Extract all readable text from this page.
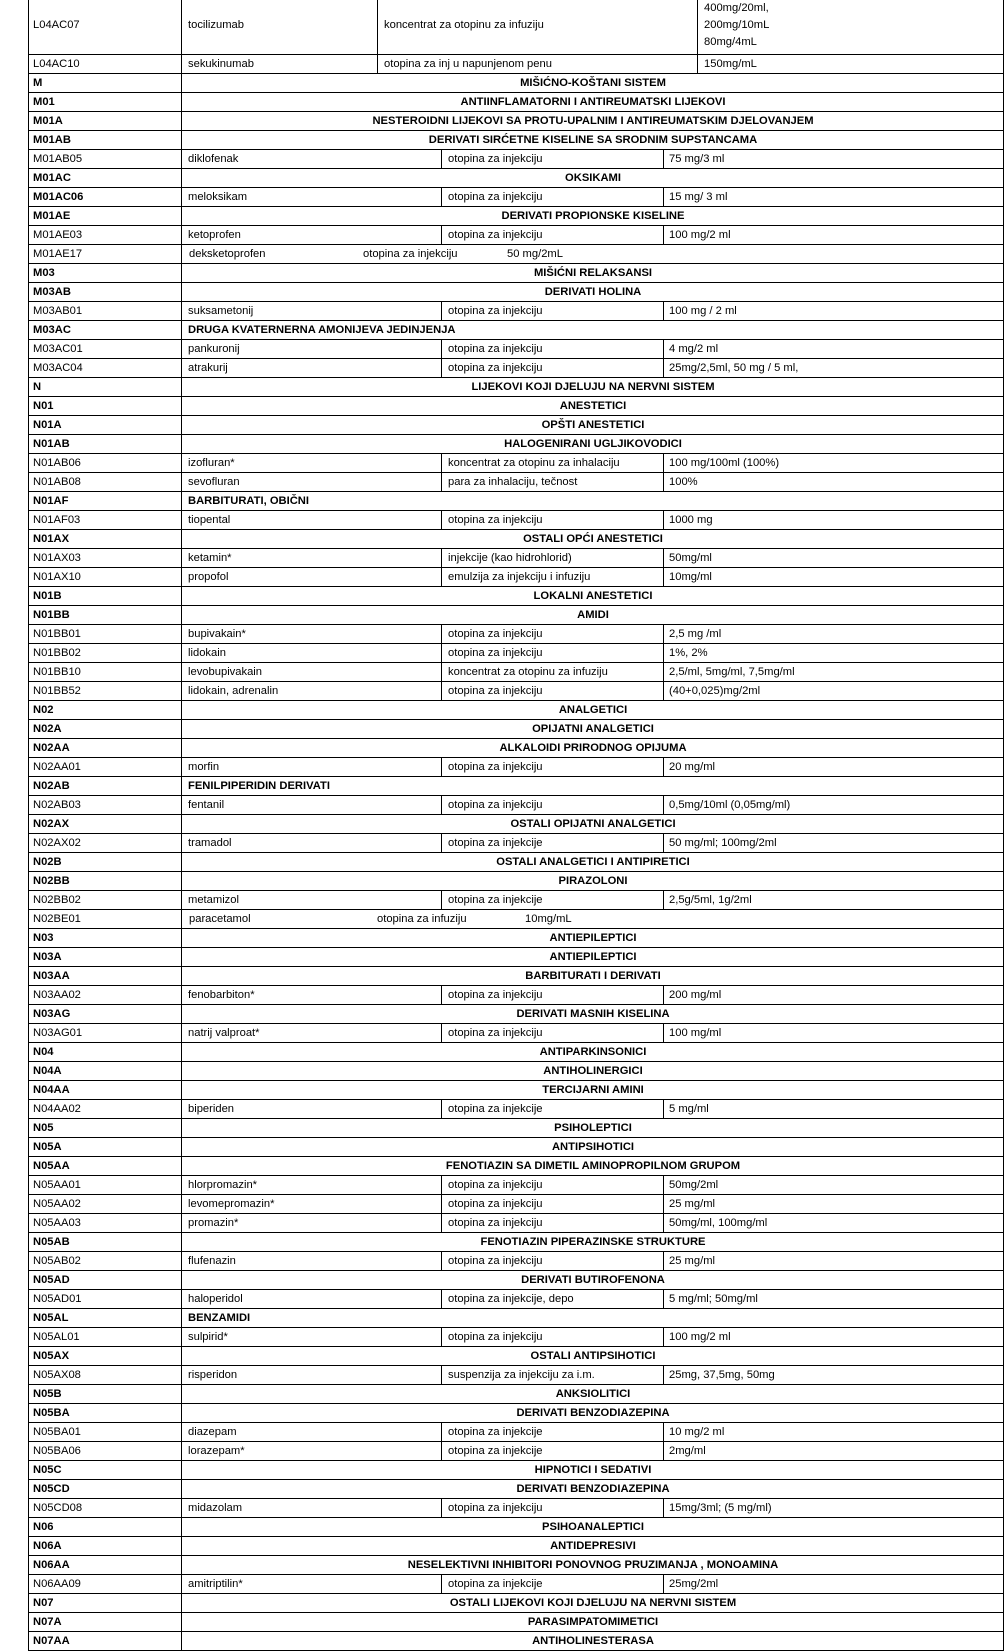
L04AC07	tocilizumab	koncentrat za otopinu za infuziju
400mg/20ml,
200mg/10mL
80mg/4mL
L04AC10	sekukinumab	otopina za inj u napunjenom penu	150mg/mL
M	MIŠIĆNO-KOŠTANI SISTEM
M01	ANTIINFLAMATORNI I ANTIREUMATSKI LIJEKOVI
M01A	NESTEROIDNI LIJEKOVI SA PROTU-UPALNIM I ANTIREUMATSKIM DJELOVANJEM
M01AB	DERIVATI SIRĆETNE KISELINE SA SRODNIM SUPSTANCAMA
M01AB05	diklofenak	otopina za injekciju	75 mg/3 ml
M01AC	OKSIKAMI
M01AC06	meloksikam	otopina za injekciju	15 mg/ 3 ml
M01AE	DERIVATI PROPIONSKE KISELINE
M01AE03	ketoprofen	otopina za injekciju	100 mg/2 ml
M01AE17	deksketoprofen	otopina za injekciju	50 mg/2mL
M03	MIŠIĆNI RELAKSANSI
M03AB	DERIVATI HOLINA
M03AB01	suksametonij	otopina za injekciju	100 mg / 2 ml
M03AC	DRUGA KVATERNERNA AMONIJEVA JEDINJENJA
M03AC01	pankuronij	otopina za injekciju	4 mg/2 ml
M03AC04	atrakurij	otopina za injekciju	25mg/2,5ml, 50 mg / 5 ml,
N	LIJEKOVI KOJI DJELUJU NA NERVNI SISTEM
N01	ANESTETICI
N01A	OPŠTI ANESTETICI
N01AB	HALOGENIRANI UGLJIKOVODICI
N01AB06	izofluran*	koncentrat za otopinu za inhalaciju	100 mg/100ml (100%)
N01AB08	sevofluran	para za inhalaciju, tečnost	100%
N01AF	BARBITURATI, OBIČNI
N01AF03	tiopental	otopina za injekciju	1000 mg
N01AX	OSTALI OPĆI ANESTETICI
N01AX03	ketamin*	injekcije (kao hidrohlorid)	50mg/ml
N01AX10	propofol	emulzija za injekciju i infuziju	10mg/ml
N01B	LOKALNI ANESTETICI
N01BB	AMIDI
N01BB01	bupivakain*	otopina za injekciju	2,5 mg /ml
N01BB02	lidokain	otopina za injekciju	1%, 2%
N01BB10	levobupivakain	koncentrat za otopinu za infuziju	2,5/ml, 5mg/ml, 7,5mg/ml
N01BB52	lidokain, adrenalin	otopina za injekciju	(40+0,025)mg/2ml
N02	ANALGETICI
N02A	OPIJATNI ANALGETICI
N02AA	ALKALOIDI PRIRODNOG OPIJUMA
N02AA01	morfin	otopina za injekciju	20 mg/ml
N02AB	FENILPIPERIDIN DERIVATI
N02AB03	fentanil	otopina za injekciju	0,5mg/10ml (0,05mg/ml)
N02AX	OSTALI OPIJATNI ANALGETICI
N02AX02	tramadol	otopina za injekcije	50 mg/ml; 100mg/2ml
N02B	OSTALI ANALGETICI I ANTIPIRETICI
N02BB	PIRAZOLONI
N02BB02	metamizol	otopina za injekcije	2,5g/5ml, 1g/2ml
N02BE01	paracetamol	otopina za infuziju	10mg/mL
N03	ANTIEPILEPTICI
N03A	ANTIEPILEPTICI
N03AA	BARBITURATI I DERIVATI
N03AA02	fenobarbiton*	otopina za injekciju	200 mg/ml
N03AG	DERIVATI MASNIH KISELINA
N03AG01	natrij valproat*	otopina za injekciju	100 mg/ml
N04	ANTIPARKINSONICI
N04A	ANTIHOLINERGICI
N04AA	TERCIJARNI AMINI
N04AA02	biperiden	otopina za injekcije	5 mg/ml
N05	PSIHOLEPTICI
N05A	ANTIPSIHOTICI
N05AA	FENOTIAZIN SA DIMETIL AMINOPROPILNOM GRUPOM
N05AA01	hlorpromazin*	otopina za injekciju	50mg/2ml
N05AA02	levomepromazin*	otopina za injekciju	25 mg/ml
N05AA03	promazin*	otopina za injekciju	50mg/ml, 100mg/ml
N05AB	FENOTIAZIN PIPERAZINSKE STRUKTURE
N05AB02	flufenazin	otopina za injekciju	25 mg/ml
N05AD	DERIVATI BUTIROFENONA
N05AD01	haloperidol	otopina za injekcije, depo	5 mg/ml; 50mg/ml
N05AL	BENZAMIDI
N05AL01	sulpirid*	otopina za injekciju	100 mg/2 ml
N05AX	OSTALI ANTIPSIHOTICI
N05AX08	risperidon	suspenzija za injekciju za i.m.	25mg, 37,5mg, 50mg
N05B	ANKSIOLITICI
N05BA	DERIVATI BENZODIAZEPINA
N05BA01	diazepam	otopina za injekcije	10 mg/2 ml
N05BA06	lorazepam*	otopina za injekcije	2mg/ml
N05C	HIPNOTICI I SEDATIVI
N05CD	DERIVATI BENZODIAZEPINA
N05CD08	midazolam	otopina za injekciju	15mg/3ml; (5 mg/ml)
N06	PSIHOANALEPTICI
N06A	ANTIDEPRESIVI
N06AA	NESELEKTIVNI INHIBITORI PONOVNOG PRUZIMANJA , MONOAMINA
N06AA09	amitriptilin*	otopina za injekcije	25mg/2ml
N07	OSTALI LIJEKOVI KOJI DJELUJU NA NERVNI SISTEM
N07A	PARASIMPATOMIMETICI
N07AA	ANTIHOLINESTERASA
